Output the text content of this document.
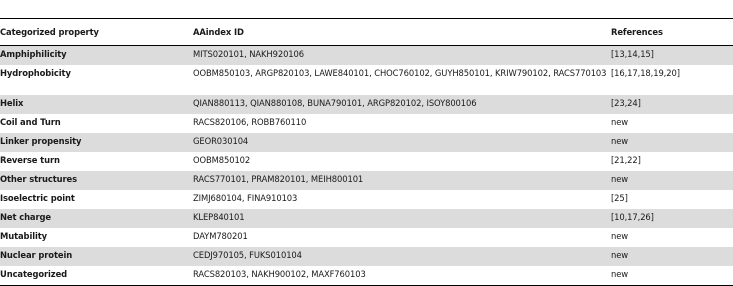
Categorized property	AAindex ID	References
Amphiphilicity	MITS020101, NAKH920106	[13,14,15]
Hydrophobicity	OOBM850103, ARGP820103, LAWE840101, CHOC760102, GUYH850101, KRIW790102, RACS770103	[16,17,18,19,20]
Helix	QIAN880113, QIAN880108, BUNA790101, ARGP820102, ISOY800106	[23,24]
Coil and Turn	RACS820106, ROBB760110	new
Linker propensity	GEOR030104	new
Reverse turn	OOBM850102	[21,22]
Other structures	RACS770101, PRAM820101, MEIH800101	new
Isoelectric point	ZIMJ680104, FINA910103	[25]
Net charge	KLEP840101	[10,17,26]
Mutability	DAYM780201	new
Nuclear protein	CEDJ970105, FUKS010104	new
Uncategorized	RACS820103, NAKH900102, MAXF760103	new
